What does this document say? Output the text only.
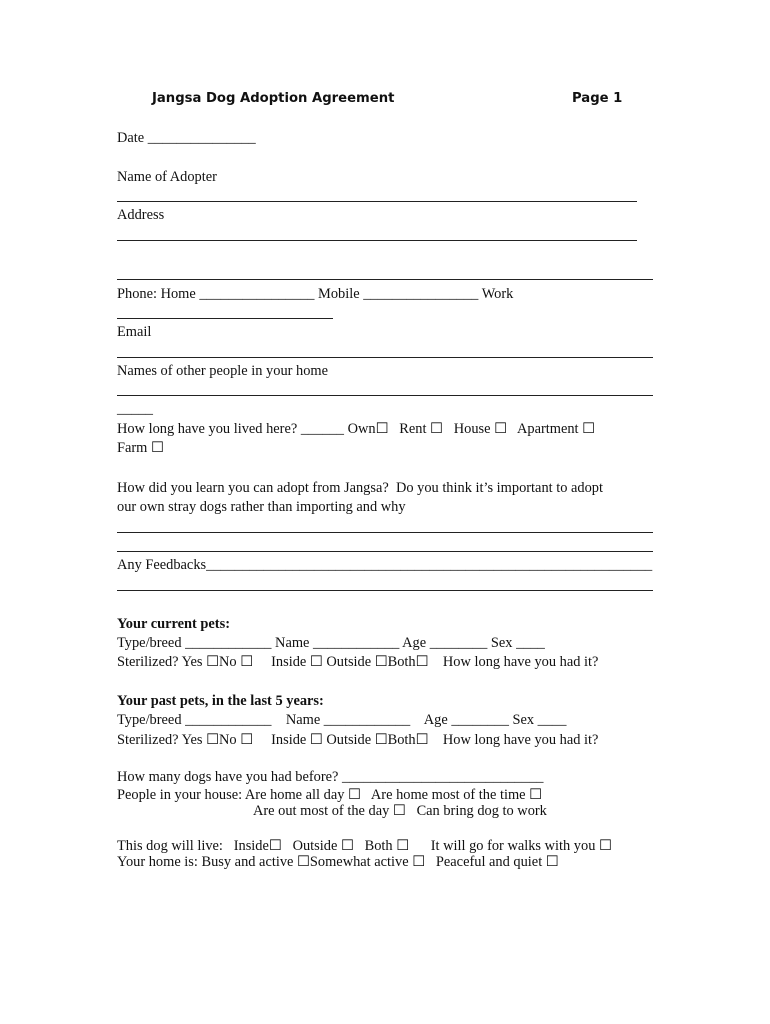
Jangsa Dog Adoption Agreement	Page 1
Date _______________
Name of Adopter
Address
Phone: Home ________________ Mobile ________________ Work
Email
Names of other people in your home
_____
How long have you lived here? ______ Own☐   Rent ☐   House ☐   Apartment ☐
Farm ☐
How did you learn you can adopt from Jangsa?  Do you think it’s important to adopt
our own stray dogs rather than importing and why
Any Feedbacks______________________________________________________________
Your current pets:
Type/breed ____________ Name ____________ Age ________ Sex ____
Sterilized? Yes ☐No ☐     Inside ☐ Outside ☐Both☐    How long have you had it?
Your past pets, in the last 5 years:
Type/breed ____________    Name ____________    Age ________ Sex ____
Sterilized? Yes ☐No ☐     Inside ☐ Outside ☐Both☐    How long have you had it?
How many dogs have you had before? ____________________________
People in your house: Are home all day ☐   Are home most of the time ☐
Are out most of the day ☐   Can bring dog to work
This dog will live:   Inside☐   Outside ☐   Both ☐      It will go for walks with you ☐
Your home is: Busy and active ☐Somewhat active ☐   Peaceful and quiet ☐
